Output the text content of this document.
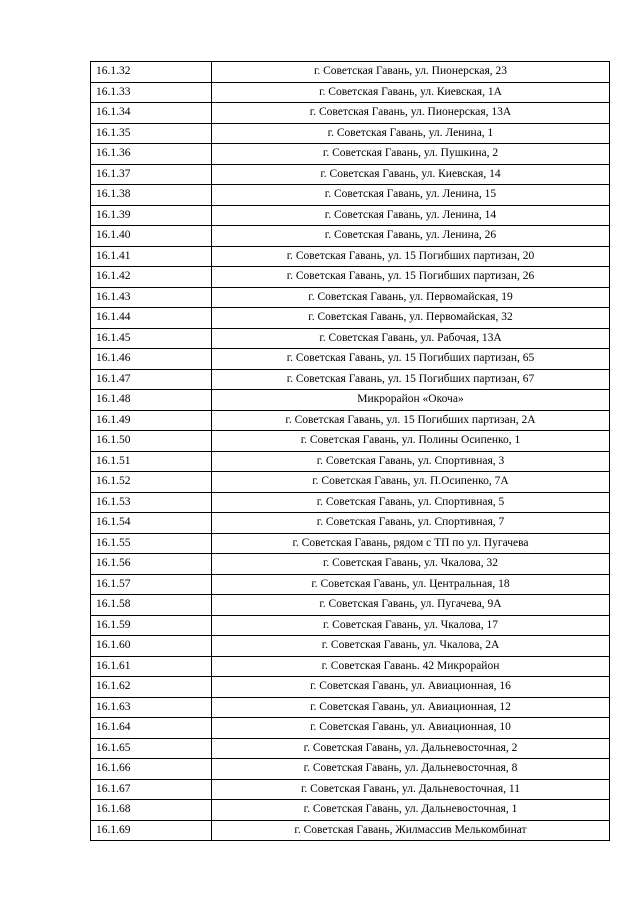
16.1.32	г. Советская Гавань, ул. Пионерская, 23
16.1.33	г. Советская Гавань, ул. Киевская, 1А
16.1.34	г. Советская Гавань, ул. Пионерская, 13А
16.1.35	г. Советская Гавань, ул. Ленина, 1
16.1.36	г. Советская Гавань, ул. Пушкина, 2
16.1.37	г. Советская Гавань, ул. Киевская, 14
16.1.38	г. Советская Гавань, ул. Ленина, 15
16.1.39	г. Советская Гавань, ул. Ленина, 14
16.1.40	г. Советская Гавань, ул. Ленина, 26
16.1.41	г. Советская Гавань, ул. 15 Погибших партизан, 20
16.1.42	г. Советская Гавань, ул. 15 Погибших партизан, 26
16.1.43	г. Советская Гавань, ул. Первомайская, 19
16.1.44	г. Советская Гавань, ул. Первомайская, 32
16.1.45	г. Советская Гавань, ул. Рабочая, 13А
16.1.46	г. Советская Гавань, ул. 15 Погибших партизан, 65
16.1.47	г. Советская Гавань, ул. 15 Погибших партизан, 67
16.1.48	Микрорайон «Окоча»
16.1.49	г. Советская Гавань, ул. 15 Погибших партизан, 2А
16.1.50	г. Советская Гавань, ул. Полины Осипенко, 1
16.1.51	г. Советская Гавань, ул. Спортивная, 3
16.1.52	г. Советская Гавань, ул. П.Осипенко, 7А
16.1.53	г. Советская Гавань, ул. Спортивная, 5
16.1.54	г. Советская Гавань, ул. Спортивная, 7
16.1.55	г. Советская Гавань, рядом с ТП по ул. Пугачева
16.1.56	г. Советская Гавань, ул. Чкалова, 32
16.1.57	г. Советская Гавань, ул. Центральная, 18
16.1.58	г. Советская Гавань, ул. Пугачева, 9А
16.1.59	г. Советская Гавань, ул. Чкалова, 17
16.1.60	г. Советская Гавань, ул. Чкалова, 2А
16.1.61	г. Советская Гавань. 42 Микрорайон
16.1.62	г. Советская Гавань, ул. Авиационная, 16
16.1.63	г. Советская Гавань, ул. Авиационная, 12
16.1.64	г. Советская Гавань, ул. Авиационная, 10
16.1.65	г. Советская Гавань, ул. Дальневосточная, 2
16.1.66	г. Советская Гавань, ул. Дальневосточная, 8
16.1.67	г. Советская Гавань, ул. Дальневосточная, 11
16.1.68	г. Советская Гавань, ул. Дальневосточная, 1
16.1.69	г. Советская Гавань, Жилмассив Мелькомбинат
